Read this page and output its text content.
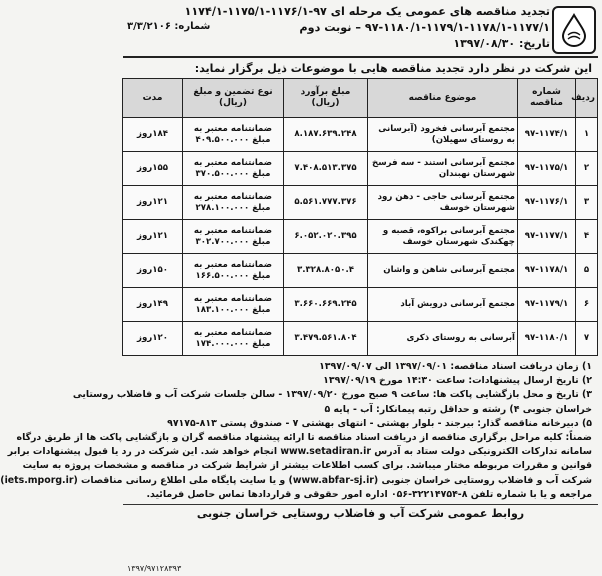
تجدید مناقصه های عمومی یک مرحله ای ۹۷-۱۱۷۶/۱-۱۱۷۵/۱-۱۱۷۴/۱
۹۷-۱۱۸۰/۱-۱۱۷۹/۱-۱۱۷۸/۱-۱۱۷۷/۱ – نوبت دوم
شماره: ۳/۳/۲۱۰۶
تاریخ: ۱۳۹۷/۰۸/۳۰
این شرکت در نظر دارد تجدید مناقصه هایی با موضوعات ذیل برگزار نماید:
ردیف	شماره مناقصه	موضوع مناقصه	مبلغ برآورد (ریال)	نوع تضمین و مبلغ (ریال)	مدت
۱	۹۷-۱۱۷۴/۱	مجتمع آبرسانی فخرود (آبرسانی به روستای سهیلان)	۸.۱۸۷.۶۳۹.۲۴۸	ضمانتنامه معتبر به مبلغ ۴۰۹.۵۰۰.۰۰۰	۱۸۴روز
۲	۹۷-۱۱۷۵/۱	مجتمع آبرسانی استند - سه فرسخ شهرستان نهبندان	۷.۴۰۸.۵۱۳.۳۷۵	ضمانتنامه معتبر به مبلغ ۳۷۰.۵۰۰.۰۰۰	۱۵۵روز
۳	۹۷-۱۱۷۶/۱	مجتمع آبرسانی حاجی - دهن رود شهرستان خوسف	۵.۵۶۱.۷۷۷.۳۷۶	ضمانتنامه معتبر به مبلغ ۲۷۸.۱۰۰.۰۰۰	۱۲۱روز
۴	۹۷-۱۱۷۷/۱	مجتمع آبرسانی براکوه، قصبه و چهکندک شهرستان خوسف	۶.۰۵۲.۰۲۰.۳۹۵	ضمانتنامه معتبر به مبلغ ۳۰۲.۷۰۰.۰۰۰	۱۲۱روز
۵	۹۷-۱۱۷۸/۱	مجتمع آبرسانی شاهن و واشان	۳.۳۲۸.۸۰۵۰.۴	ضمانتنامه معتبر به مبلغ ۱۶۶.۵۰۰.۰۰۰	۱۵۰روز
۶	۹۷-۱۱۷۹/۱	مجتمع آبرسانی درویش آباد	۳.۶۶۰.۶۶۹.۲۴۵	ضمانتنامه معتبر به مبلغ ۱۸۳.۱۰۰.۰۰۰	۱۴۹روز
۷	۹۷-۱۱۸۰/۱	آبرسانی به روستای ذکری	۳.۴۷۹.۵۶۱.۸۰۴	ضمانتنامه معتبر به مبلغ ۱۷۴.۰۰۰.۰۰۰	۱۲۰روز
۱) زمان دریافت اسناد مناقصه: ۱۳۹۷/۰۹/۰۱ الی ۱۳۹۷/۰۹/۰۷
۲) تاریخ ارسال پیشنهادات: ساعت ۱۴:۳۰ مورخ ۱۳۹۷/۰۹/۱۹
۳) تاریخ و محل بازگشایی پاکت ها: ساعت ۹ صبح مورخ ۱۳۹۷/۰۹/۲۰ - سالن جلسات شرکت آب و فاضلاب روستایی
خراسان جنوبی ۴) رشته و حداقل رتبه پیمانکار: آب - پایه ۵
۵) دبیرخانه مناقصه گذار: بیرجند - بلوار بهشتی - انتهای بهشتی ۷ - صندوق پستی ۸۱۳-۹۷۱۷۵
ضمناً: کلیه مراحل برگزاری مناقصه از دریافت اسناد مناقصه تا ارائه پیشنهاد مناقصه گران و بازگشایی پاکت ها از طریق درگاه
سامانه تدارکات الکترونیکی دولت ستاد به آدرس www.setadiran.ir انجام خواهد شد. این شرکت در رد یا قبول پیشنهادات برابر
قوانین و مقررات مربوطه مختار میباشد. برای کسب اطلاعات بیشتر از شرایط شرکت در مناقصه و مشخصات پروژه به سایت
شرکت آب و فاضلاب روستایی خراسان جنوبی (www.abfar-sj.ir) و یا سایت پایگاه ملی اطلاع رسانی مناقصات (iets.mporg.ir)
مراجعه و یا با شماره تلفن ۸-۳۲۲۱۴۷۵۴-۰۵۶ اداره امور حقوقی و قراردادها تماس حاصل فرمائید.
روابط عمومی شرکت آب و فاضلاب روستایی خراسان جنوبی
۱۳۹۷/۹۷۱۲۸۳۹۳
